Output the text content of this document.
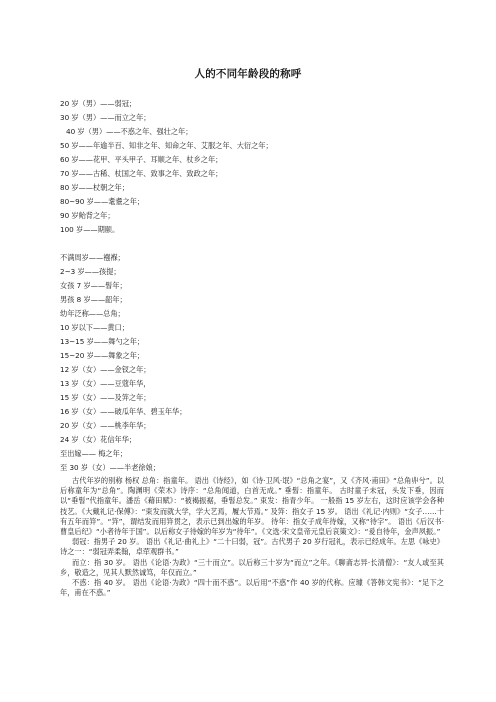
人的不同年龄段的称呼
20 岁（男）——弱冠；
30 岁（男）——而立之年；
40 岁（男）——不惑之年、强壮之年；
50 岁——年逾半百、知非之年、知命之年、艾服之年、大衍之年；
60 岁——花甲、平头甲子、耳顺之年、杖乡之年；
70 岁——古稀、杖国之年、致事之年、致政之年；
80 岁——杖朝之年；
80~90 岁——耄耋之年；
90 岁鲐背之年；
100 岁——期颐。
不满周岁——襁褓；
2~3 岁——孩提；
女孩 7 岁——髫年；
男孩 8 岁——龆年；
幼年泛称——总角；
10 岁以下——黄口；
13~15 岁——舞勺之年；
15~20 岁——舞象之年；
12 岁（女）——金钗之年；
13 岁（女）——豆蔻年华，
15 岁（女）——及笄之年；
16 岁（女）——破瓜年华、碧玉年华；
20 岁（女）——桃李年华；
24 岁（女）花信年华；
至出嫁—— 梅之年；
至 30 岁（女）——半老徐娘；

古代年岁的别称 杨权 总角：指童年。 语出《诗经》，如《诗·卫风·氓》“总角之宴”，又《齐风·甫田》“总角丱兮”。以后称童年为“总角”。陶渊明《荣木》诗序：“总角闻道，白首无成。” 垂髫：指童年。 古时童子未冠，头发下垂，因而以“垂髫”代指童年。潘岳《藉田赋》：“被褐振裾，垂髫总发。” 束发：指青少年。 一般指 15 岁左右，这时应该学会各种技艺。《大戴礼记·保傅》：“束发而就大学，学大艺焉，履大节焉。” 及笄：指女子 15 岁。 语出《礼记·内则》“女子……十有五年而笄”。“笄”，谓结发而用笄贯之，表示已到出嫁的年岁。 待年：指女子成年待嫁，又称“待字”。 语出《后汉书·曹皇后纪》“小者待年于国”。以后称女子待嫁的年岁为“待年”。《文选·宋文皇帝元皇后哀策文》：“爰自待年，金声夙振。”

弱冠：指男子 20 岁。 语出《礼记·曲礼上》“二十曰弱，冠”。古代男子 20 岁行冠礼，表示已经成年。左思《咏史》诗之一：“弱冠弄柔翰，卓荦观群书。”

而立：指 30 岁。 语出《论语·为政》“三十而立”。以后称三十岁为“而立”之年。《聊斋志异·长清僧》：“友人或至其乡，敬造之，见其人默然诚笃，年仅而立。”

不惑：指 40 岁。 语出《论语·为政》“四十而不惑”。以后用“不惑”作 40 岁的代称。应璩《答韩文宪书》：“足下之年，甫在不惑。”
